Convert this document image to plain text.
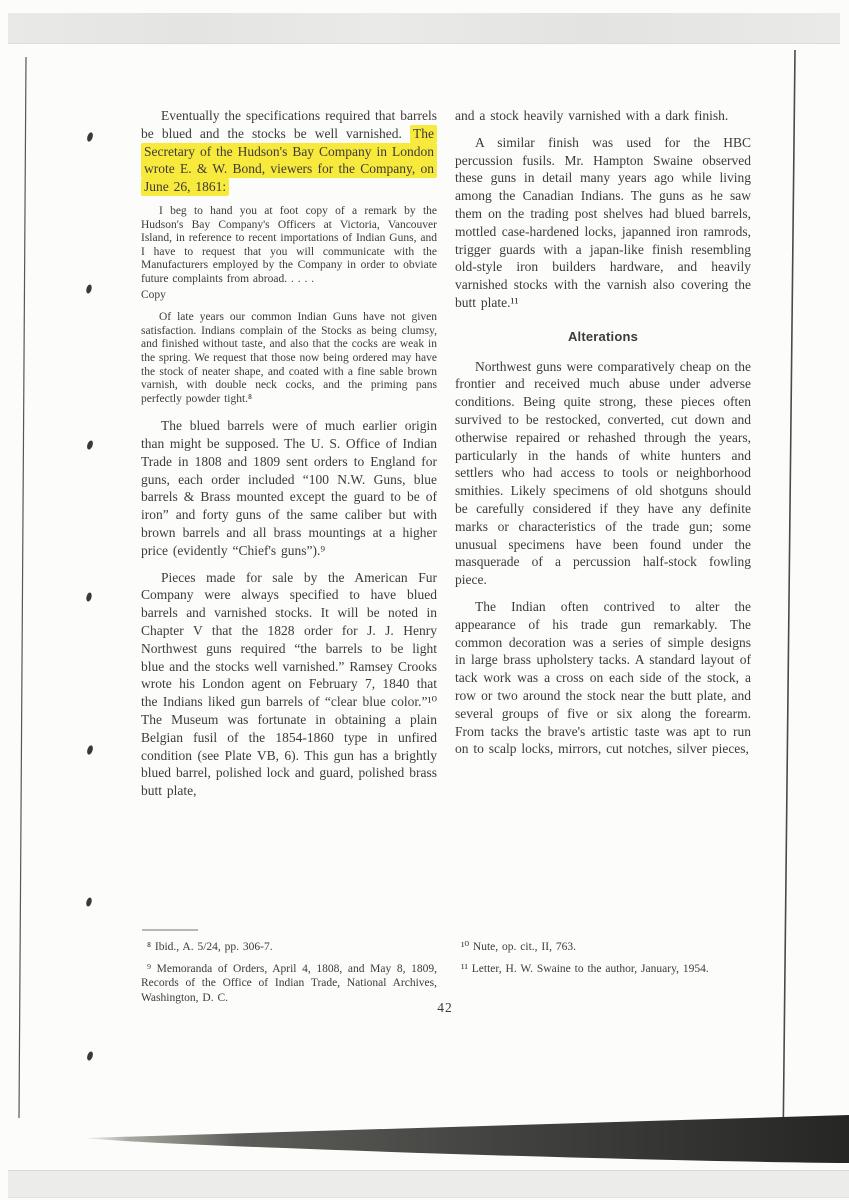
Eventually the specifications required that barrels be blued and the stocks be well varnished. The Secretary of the Hudson's Bay Company in London wrote E. & W. Bond, viewers for the Company, on June 26, 1861:

I beg to hand you at foot copy of a remark by the Hudson's Bay Company's Officers at Victoria, Vancouver Island, in reference to recent importations of Indian Guns, and I have to request that you will communicate with the Manufacturers employed by the Company in order to obviate future complaints from abroad. . . . .

Copy

Of late years our common Indian Guns have not given satisfaction. Indians complain of the Stocks as being clumsy, and finished without taste, and also that the cocks are weak in the spring. We request that those now being ordered may have the stock of neater shape, and coated with a fine sable brown varnish, with double neck cocks, and the priming pans perfectly powder tight.⁸

The blued barrels were of much earlier origin than might be supposed. The U. S. Office of Indian Trade in 1808 and 1809 sent orders to England for guns, each order included “100 N.W. Guns, blue barrels & Brass mounted except the guard to be of iron” and forty guns of the same caliber but with brown barrels and all brass mountings at a higher price (evidently “Chief's guns”).⁹

Pieces made for sale by the American Fur Company were always specified to have blued barrels and varnished stocks. It will be noted in Chapter V that the 1828 order for J. J. Henry Northwest guns required “the barrels to be light blue and the stocks well varnished.” Ramsey Crooks wrote his London agent on February 7, 1840 that the Indians liked gun barrels of “clear blue color.”¹⁰ The Museum was fortunate in obtaining a plain Belgian fusil of the 1854-1860 type in unfired condition (see Plate VB, 6). This gun has a brightly blued barrel, polished lock and guard, polished brass butt plate,

and a stock heavily varnished with a dark finish.

A similar finish was used for the HBC percussion fusils. Mr. Hampton Swaine observed these guns in detail many years ago while living among the Canadian Indians. The guns as he saw them on the trading post shelves had blued barrels, mottled case-hardened locks, japanned iron ramrods, trigger guards with a japan-like finish resembling old-style iron builders hardware, and heavily varnished stocks with the varnish also covering the butt plate.¹¹

Alterations

Northwest guns were comparatively cheap on the frontier and received much abuse under adverse conditions. Being quite strong, these pieces often survived to be restocked, converted, cut down and otherwise repaired or rehashed through the years, particularly in the hands of white hunters and settlers who had access to tools or neighborhood smithies. Likely specimens of old shotguns should be carefully considered if they have any definite marks or characteristics of the trade gun; some unusual specimens have been found under the masquerade of a percussion half-stock fowling piece.

The Indian often contrived to alter the appearance of his trade gun remarkably. The common decoration was a series of simple designs in large brass upholstery tacks. A standard layout of tack work was a cross on each side of the stock, a row or two around the stock near the butt plate, and several groups of five or six along the forearm. From tacks the brave's artistic taste was apt to run on to scalp locks, mirrors, cut notches, silver pieces,

⁸ Ibid., A. 5/24, pp. 306-7.

⁹ Memoranda of Orders, April 4, 1808, and May 8, 1809, Records of the Office of Indian Trade, National Archives, Washington, D. C.

¹⁰ Nute, op. cit., II, 763.

¹¹ Letter, H. W. Swaine to the author, January, 1954.

42
